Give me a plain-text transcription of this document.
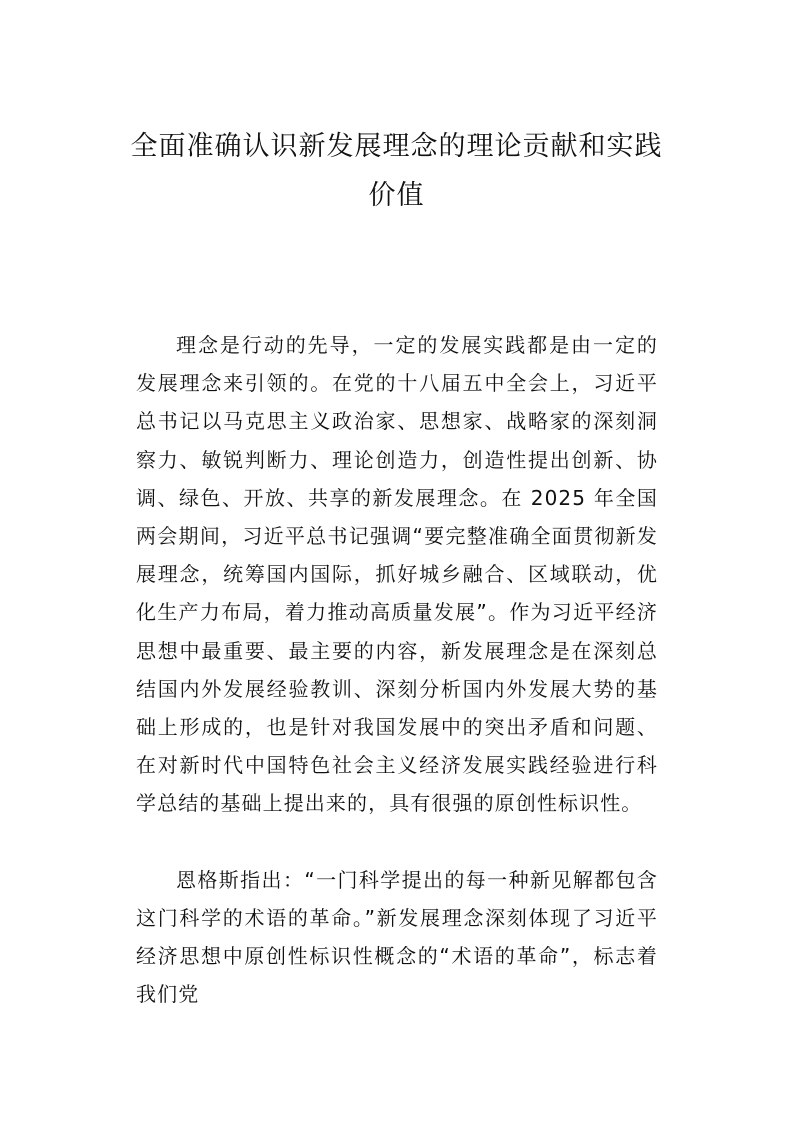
全面准确认识新发展理念的理论贡献和实践价值

理念是行动的先导，一定的发展实践都是由一定的发展理念来引领的。在党的十八届五中全会上，习近平总书记以马克思主义政治家、思想家、战略家的深刻洞察力、敏锐判断力、理论创造力，创造性提出创新、协调、绿色、开放、共享的新发展理念。在 2025 年全国两会期间，习近平总书记强调“要完整准确全面贯彻新发展理念，统筹国内国际，抓好城乡融合、区域联动，优化生产力布局，着力推动高质量发展”。作为习近平经济思想中最重要、最主要的内容，新发展理念是在深刻总结国内外发展经验教训、深刻分析国内外发展大势的基础上形成的，也是针对我国发展中的突出矛盾和问题、在对新时代中国特色社会主义经济发展实践经验进行科学总结的基础上提出来的，具有很强的原创性标识性。

恩格斯指出：“一门科学提出的每一种新见解都包含这门科学的术语的革命。”新发展理念深刻体现了习近平经济思想中原创性标识性概念的“术语的革命”，标志着我们党
